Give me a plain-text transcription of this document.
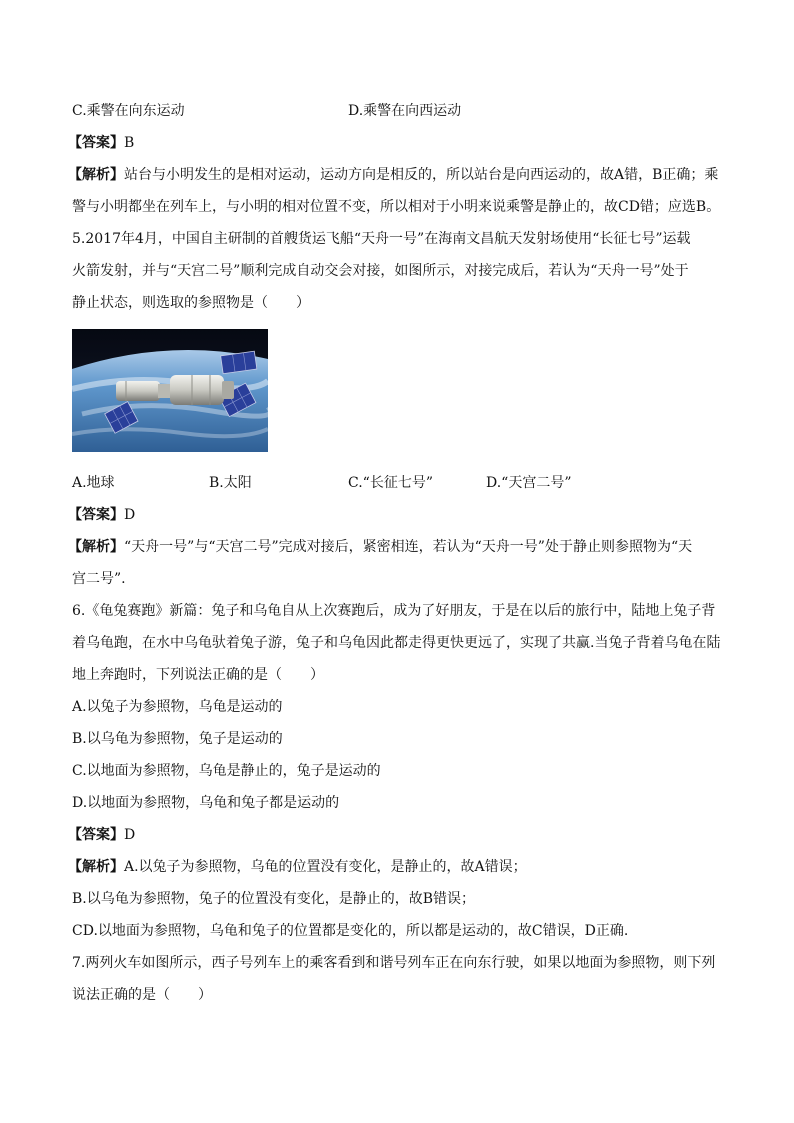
C.乘警在向东运动	D.乘警在向西运动
【答案】B
【解析】站台与小明发生的是相对运动，运动方向是相反的，所以站台是向西运动的，故A错，B正确；乘
警与小明都坐在列车上，与小明的相对位置不变，所以相对于小明来说乘警是静止的，故CD错；应选B。
5.2017年4月，中国自主研制的首艘货运飞船“天舟一号”在海南文昌航天发射场使用“长征七号”运载
火箭发射，并与“天宫二号”顺利完成自动交会对接，如图所示，对接完成后，若认为“天舟一号”处于
静止状态，则选取的参照物是（　　）
A.地球	B.太阳	C.“长征七号”	D.“天宫二号”
【答案】D
【解析】“天舟一号”与“天宫二号”完成对接后，紧密相连，若认为“天舟一号”处于静止则参照物为“天
宫二号”.
6.《龟兔赛跑》新篇：兔子和乌龟自从上次赛跑后，成为了好朋友，于是在以后的旅行中，陆地上兔子背
着乌龟跑，在水中乌龟驮着兔子游，兔子和乌龟因此都走得更快更远了，实现了共赢.当兔子背着乌龟在陆
地上奔跑时，下列说法正确的是（　　）
A.以兔子为参照物，乌龟是运动的
B.以乌龟为参照物，兔子是运动的
C.以地面为参照物，乌龟是静止的，兔子是运动的
D.以地面为参照物，乌龟和兔子都是运动的
【答案】D
【解析】A.以兔子为参照物，乌龟的位置没有变化，是静止的，故A错误；
B.以乌龟为参照物，兔子的位置没有变化，是静止的，故B错误；
CD.以地面为参照物，乌龟和兔子的位置都是变化的，所以都是运动的，故C错误，D正确.
7.两列火车如图所示，西子号列车上的乘客看到和谐号列车正在向东行驶，如果以地面为参照物，则下列
说法正确的是（　　）
